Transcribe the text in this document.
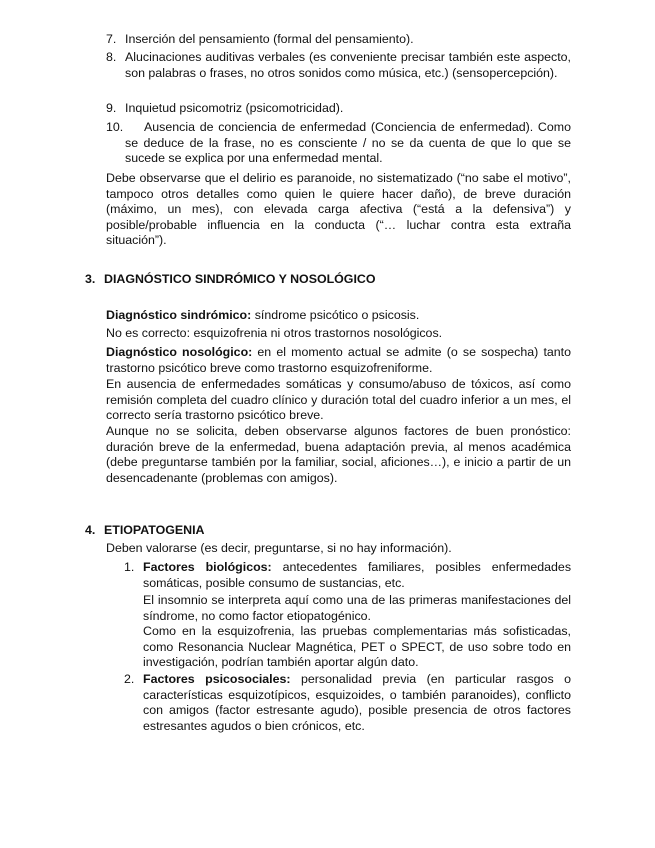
7. Inserción del pensamiento (formal del pensamiento).
8. Alucinaciones auditivas verbales (es conveniente precisar también este aspecto, son palabras o frases, no otros sonidos como música, etc.) (sensopercepción).
9. Inquietud psicomotriz (psicomotricidad).
10.	Ausencia de conciencia de enfermedad (Conciencia de enfermedad). Como se deduce de la frase, no es consciente / no se da cuenta de que lo que se sucede se explica por una enfermedad mental.

Debe observarse que el delirio es paranoide, no sistematizado (“no sabe el motivo”, tampoco otros detalles como quien le quiere hacer daño), de breve duración (máximo, un mes), con elevada carga afectiva (“está a la defensiva”) y posible/probable influencia en la conducta (“… luchar contra esta extraña situación”).

3. DIAGNÓSTICO SINDRÓMICO Y NOSOLÓGICO

Diagnóstico sindrómico: síndrome psicótico o psicosis.

No es correcto: esquizofrenia ni otros trastornos nosológicos.

Diagnóstico nosológico: en el momento actual se admite (o se sospecha) tanto trastorno psicótico breve como trastorno esquizofreniforme.

En ausencia de enfermedades somáticas y consumo/abuso de tóxicos, así como remisión completa del cuadro clínico y duración total del cuadro inferior a un mes, el correcto sería trastorno psicótico breve.

Aunque no se solicita, deben observarse algunos factores de buen pronóstico: duración breve de la enfermedad, buena adaptación previa, al menos académica (debe preguntarse también por la familiar, social, aficiones…), e inicio a partir de un desencadenante (problemas con amigos).

4. ETIOPATOGENIA

Deben valorarse (es decir, preguntarse, si no hay información).

1. Factores biológicos: antecedentes familiares, posibles enfermedades somáticas, posible consumo de sustancias, etc.

El insomnio se interpreta aquí como una de las primeras manifestaciones del síndrome, no como factor etiopatogénico.

Como en la esquizofrenia, las pruebas complementarias más sofisticadas, como Resonancia Nuclear Magnética, PET o SPECT, de uso sobre todo en investigación, podrían también aportar algún dato.

2. Factores psicosociales: personalidad previa (en particular rasgos o características esquizotípicos, esquizoides, o también paranoides), conflicto con amigos (factor estresante agudo), posible presencia de otros factores estresantes agudos o bien crónicos, etc.
